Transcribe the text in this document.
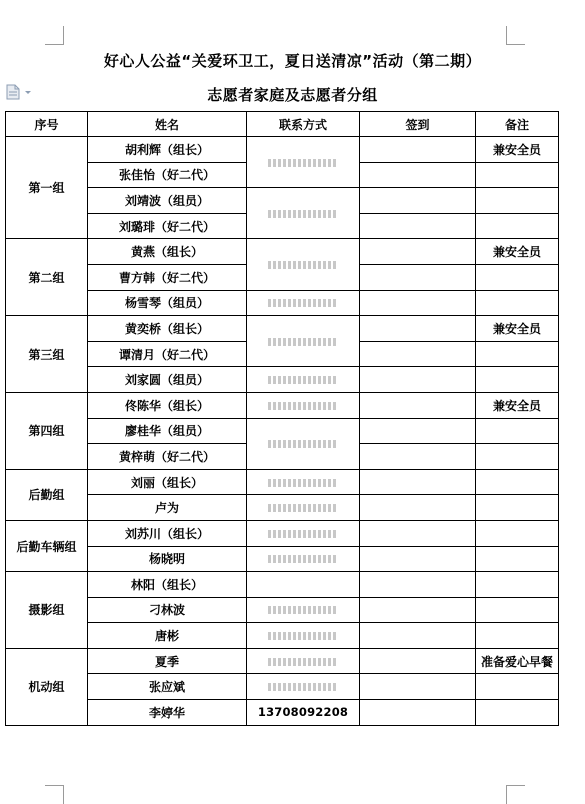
好心人公益“关爱环卫工，夏日送清凉”活动（第二期）
志愿者家庭及志愿者分组
序号	姓名	联系方式	签到	备注
第一组	胡利辉（组长）			兼安全员
	张佳怡（好二代）			
	刘靖波（组员）			
	刘璐琲（好二代）			
第二组	黄燕（组长）			兼安全员
	曹方韩（好二代）			
	杨雪琴（组员）			
第三组	黄奕桥（组长）			兼安全员
	谭清月（好二代）			
	刘家圆（组员）			
第四组	佟陈华（组长）			兼安全员
	廖桂华（组员）			
	黄梓萌（好二代）			
后勤组	刘丽（组长）			
	卢为			
后勤车辆组	刘苏川（组长）			
	杨晓明			
摄影组	林阳（组长）			
	刁林波			
	唐彬			
机动组	夏季			准备爱心早餐
	张应斌			
	李婷华	13708092208		
